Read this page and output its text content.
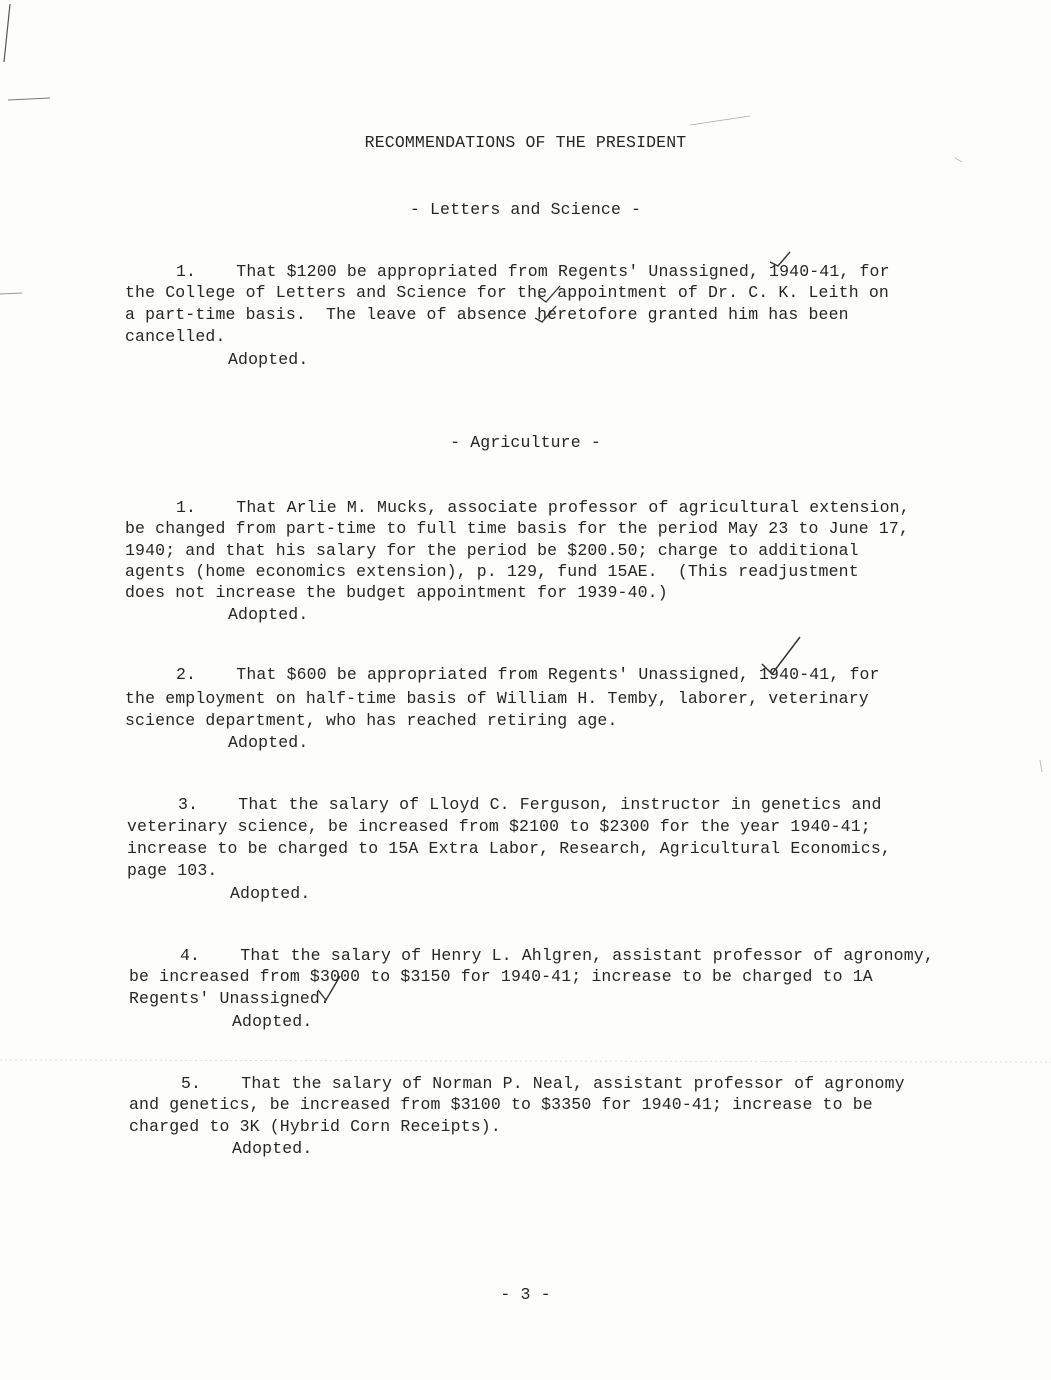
RECOMMENDATIONS OF THE PRESIDENT
- Letters and Science -
1.    That $1200 be appropriated from Regents' Unassigned, 1940-41, for
the College of Letters and Science for the appointment of Dr. C. K. Leith on
a part-time basis.  The leave of absence heretofore granted him has been
cancelled.
Adopted.
- Agriculture -
1.    That Arlie M. Mucks, associate professor of agricultural extension,
be changed from part-time to full time basis for the period May 23 to June 17,
1940; and that his salary for the period be $200.50; charge to additional
agents (home economics extension), p. 129, fund 15AE.  (This readjustment
does not increase the budget appointment for 1939-40.)
Adopted.
2.    That $600 be appropriated from Regents' Unassigned, 1940-41, for
the employment on half-time basis of William H. Temby, laborer, veterinary
science department, who has reached retiring age.
Adopted.
3.    That the salary of Lloyd C. Ferguson, instructor in genetics and
veterinary science, be increased from $2100 to $2300 for the year 1940-41;
increase to be charged to 15A Extra Labor, Research, Agricultural Economics,
page 103.
Adopted.
4.    That the salary of Henry L. Ahlgren, assistant professor of agronomy,
be increased from $3000 to $3150 for 1940-41; increase to be charged to 1A
Regents' Unassigned.
Adopted.
5.    That the salary of Norman P. Neal, assistant professor of agronomy
and genetics, be increased from $3100 to $3350 for 1940-41; increase to be
charged to 3K (Hybrid Corn Receipts).
Adopted.
- 3 -
